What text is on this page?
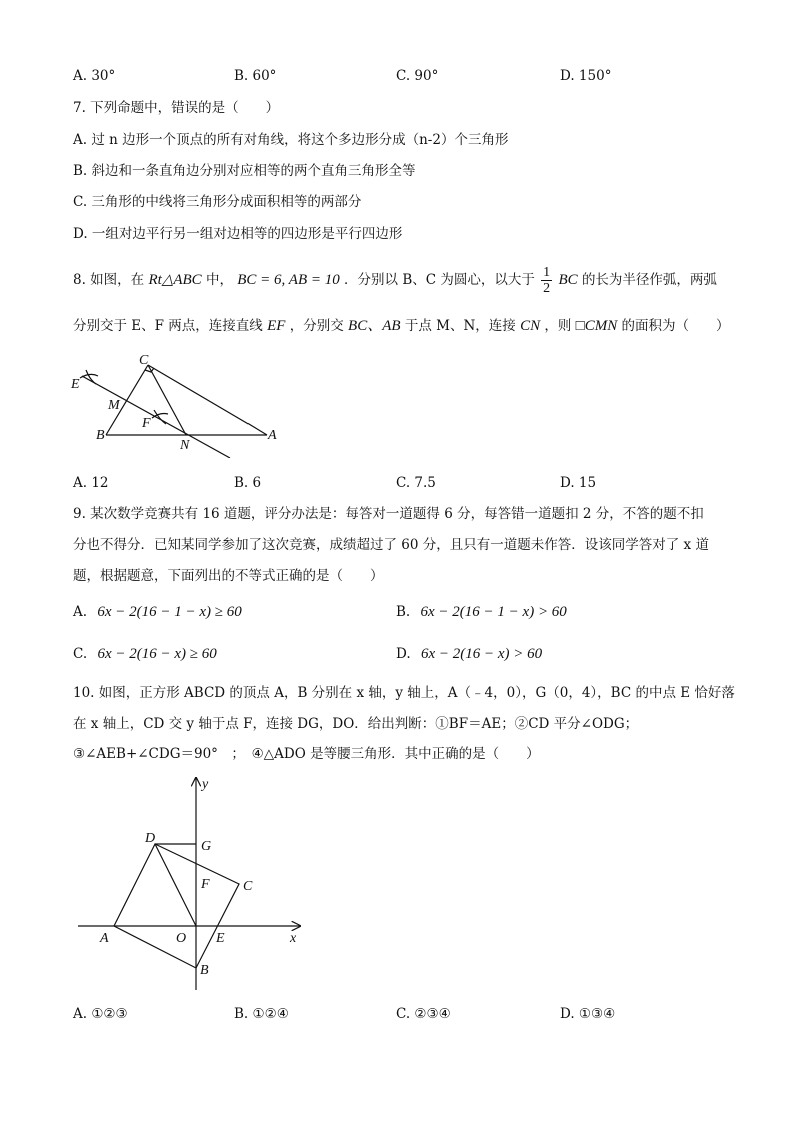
A. 30°	B. 60°	C. 90°	D. 150°
7. 下列命题中，错误的是（　　）
A. 过 n 边形一个顶点的所有对角线，将这个多边形分成（n-2）个三角形
B. 斜边和一条直角边分别对应相等的两个直角三角形全等
C. 三角形的中线将三角形分成面积相等的两部分
D. 一组对边平行另一组对边相等的四边形是平行四边形
8. 如图，在 Rt△ABC 中， BC = 6, AB = 10 ．分别以 B、C 为圆心，以大于 $\frac{1}{2}$ BC 的长为半径作弧，两弧
分别交于 E、F 两点，连接直线 EF ，分别交 BC、AB 于点 M、N，连接 CN ，则 □CMN 的面积为（　　）
C
E
M
F
B
N
A
A. 12	B. 6	C. 7.5	D. 15
9. 某次数学竞赛共有 16 道题，评分办法是：每答对一道题得 6 分，每答错一道题扣 2 分，不答的题不扣
分也不得分．已知某同学参加了这次竞赛，成绩超过了 60 分，且只有一道题未作答．设该同学答对了 x 道
题，根据题意，下面列出的不等式正确的是（　　）
A. 6x − 2(16 − 1 − x) ≥ 60	B. 6x − 2(16 − 1 − x) > 60
C. 6x − 2(16 − x) ≥ 60	D. 6x − 2(16 − x) > 60
10. 如图，正方形 ABCD 的顶点 A，B 分别在 x 轴，y 轴上，A（﹣4，0），G（0，4），BC 的中点 E 恰好落
在 x 轴上，CD 交 y 轴于点 F，连接 DG，DO．给出判断：①BF＝AE；②CD 平分∠ODG；
③∠AEB+∠CDG＝90°　；　④△ADO 是等腰三角形．其中正确的是（　　）
y
x
D
G
F C
A	O E
B
A. ①②③	B. ①②④	C. ②③④	D. ①③④
